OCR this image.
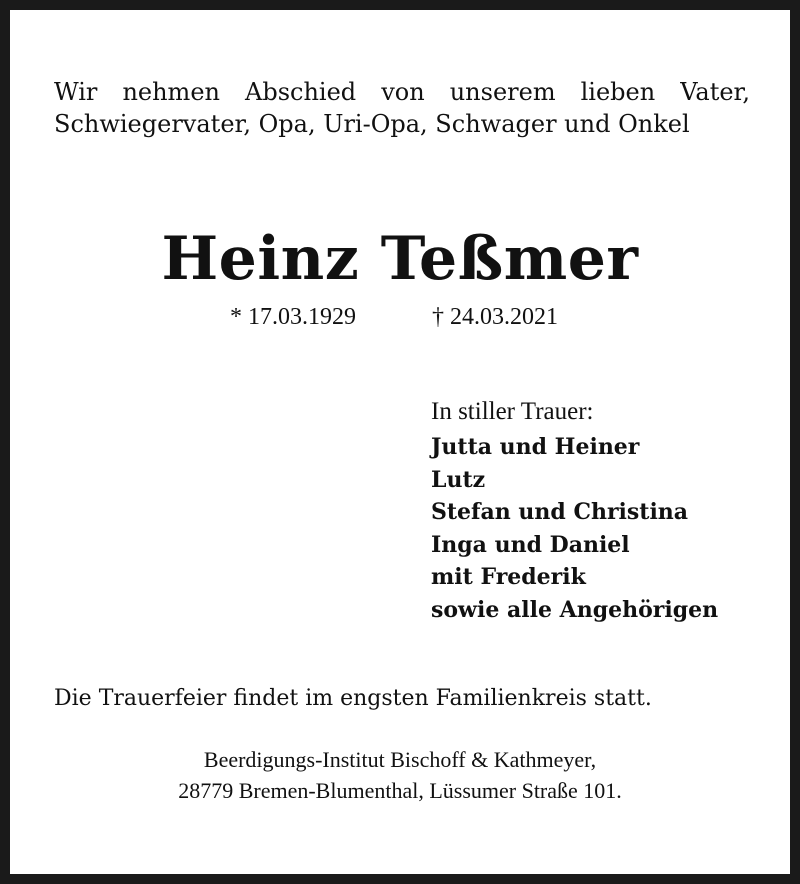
Wir nehmen Abschied von unserem lieben Vater,
Schwiegervater, Opa, Uri-Opa, Schwager und Onkel
Heinz Teßmer
* 17.03.1929	† 24.03.2021
In stiller Trauer:
Jutta und Heiner
Lutz
Stefan und Christina
Inga und Daniel
mit Frederik
sowie alle Angehörigen
Die Trauerfeier findet im engsten Familienkreis statt.
Beerdigungs-Institut Bischoff & Kathmeyer,
28779 Bremen-Blumenthal, Lüssumer Straße 101.
